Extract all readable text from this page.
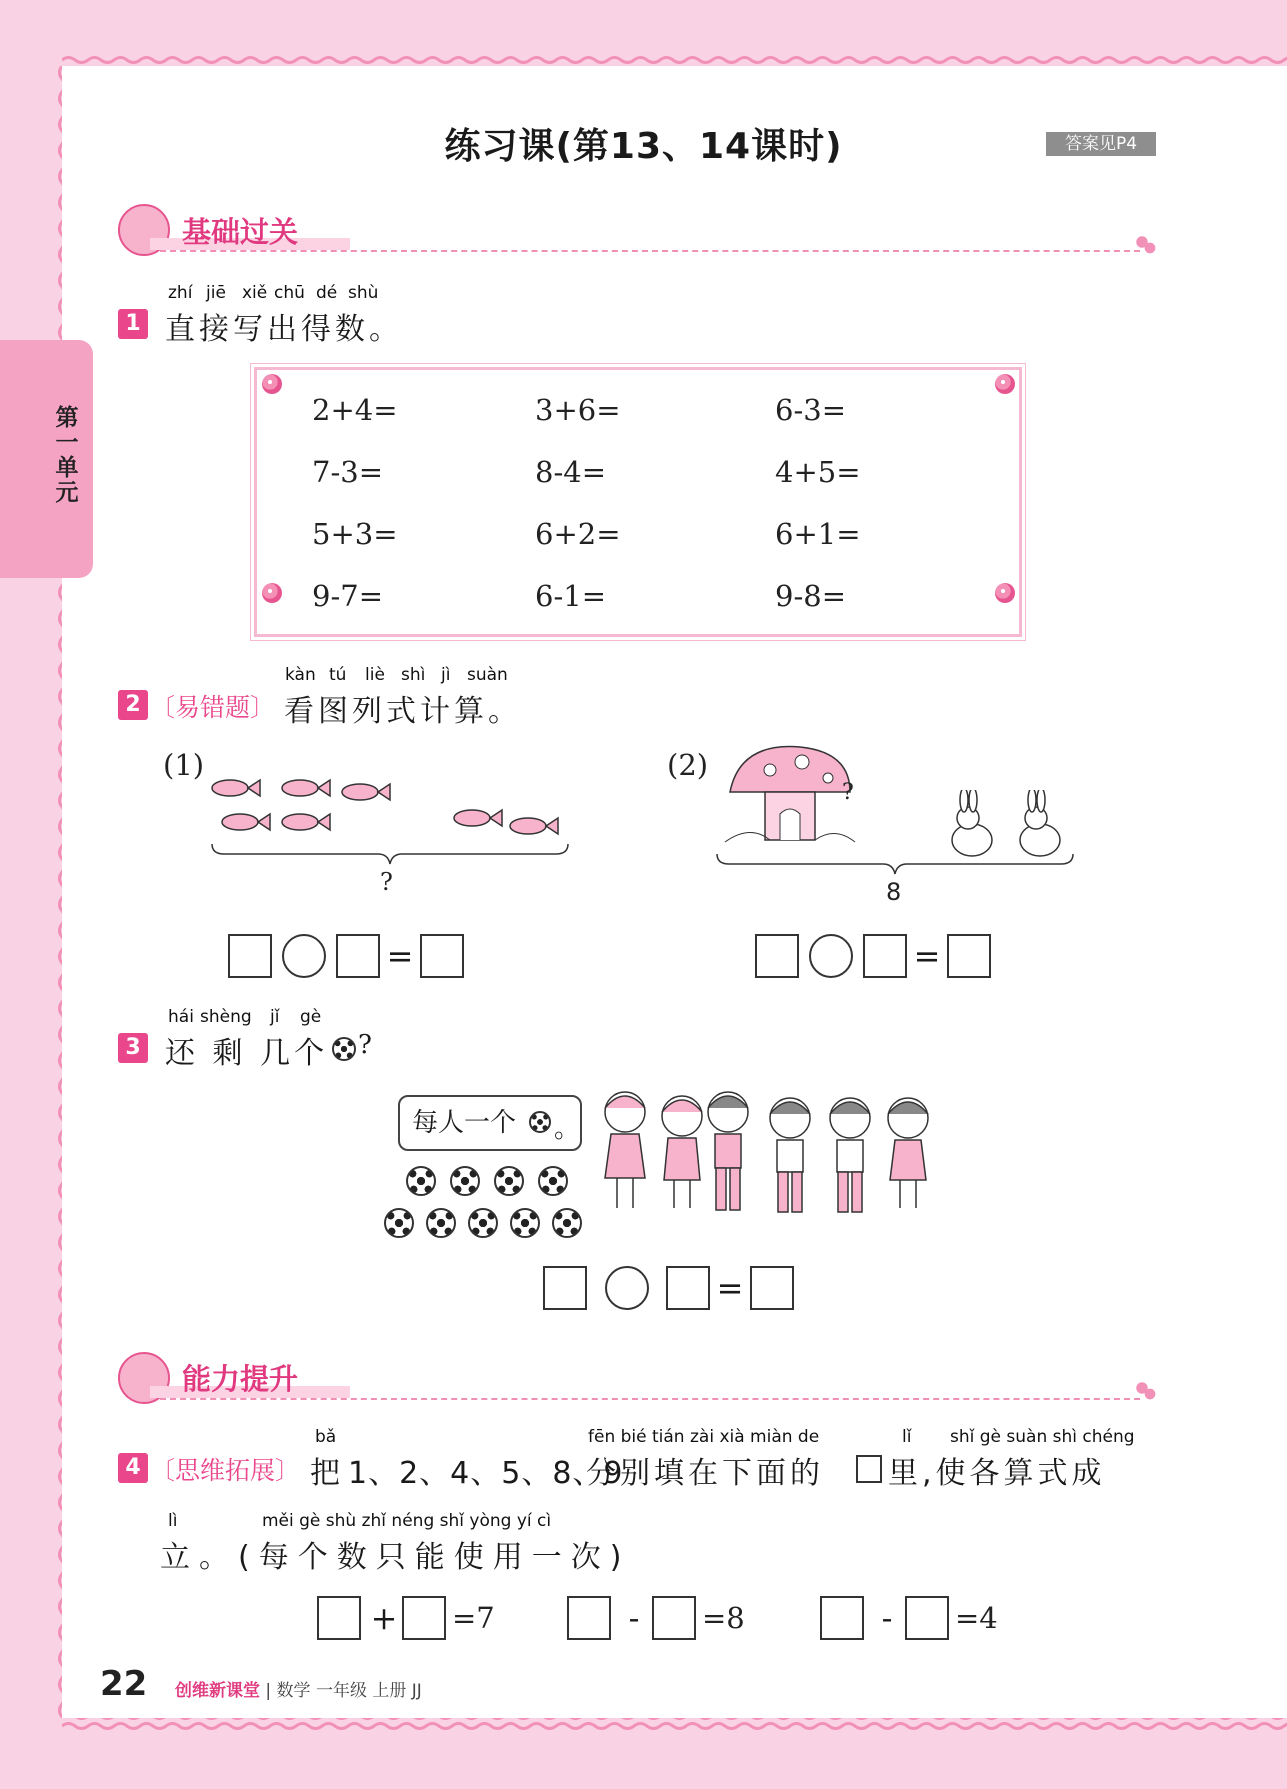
练习课(第13、14课时)	答案见P4
第一单元
基础过关
zhí jiē xiě chū dé shù
1 直接写出得数。
2+4=	3+6=	6-3=
7-3=	8-4=	4+5=
5+3=	6+2=	6+1=
9-7=	6-1=	9-8=
kàn tú liè shì jì suàn
2 〔易错题〕 看图列式计算。
(1)
?
=
(2)
?
8
=
hái shèng jǐ gè
3 还 剩 几个 ?
每人一个	。
=
能力提升
bǎ	fēn bié tián zài xià miàn de	lǐ shǐ gè suàn shì chéng
4 〔思维拓展〕 把 1、2、4、5、8、9
分别填在下面的 里,使各算式成
lì	měi gè shù zhǐ néng shǐ yòng yí cì
立。(每个数只能使用一次)
+ =7	-	=8	-	=4
22 创维新课堂 | 数学 一年级 上册 JJ
